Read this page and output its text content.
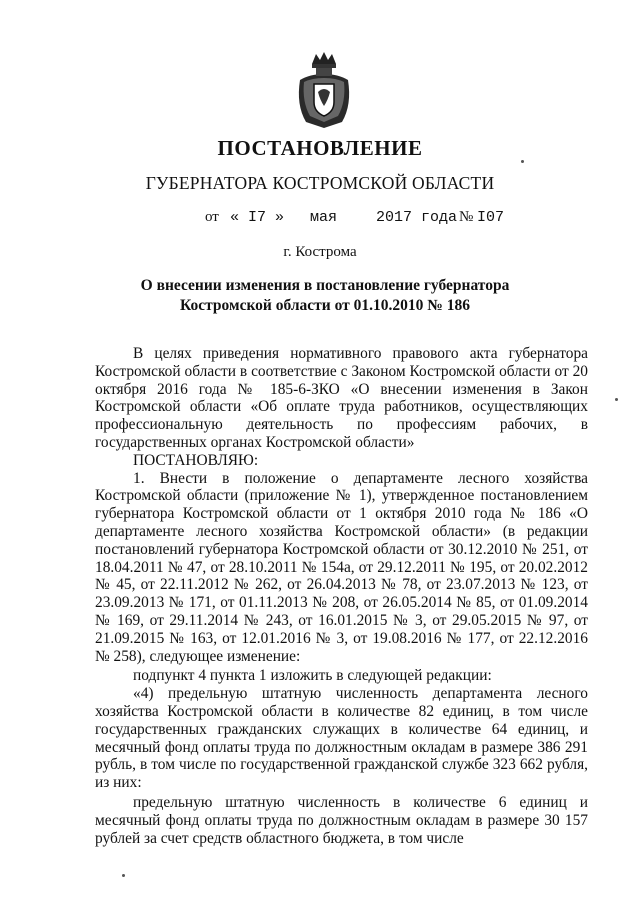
ПОСТАНОВЛЕНИЕ
ГУБЕРНАТОРА КОСТРОМСКОЙ ОБЛАСТИ
от « I7 » мая	2017 года № I07
г. Кострома
О внесении изменения в постановление губернатора
Костромской области от 01.10.2010 № 186

В целях приведения нормативного правового акта губернатора Костромской области в соответствие с Законом Костромской области от 20 октября 2016 года № 185-6-ЗКО «О внесении изменения в Закон Костромской области «Об оплате труда работников, осуществляющих профессиональную деятельность по профессиям рабочих, в государственных органах Костромской области»

ПОСТАНОВЛЯЮ:

1. Внести в положение о департаменте лесного хозяйства Костромской области (приложение № 1), утвержденное постановлением губернатора Костромской области от 1 октября 2010 года № 186 «О департаменте лесного хозяйства Костромской области» (в редакции постановлений губернатора Костромской области от 30.12.2010 № 251, от 18.04.2011 № 47, от 28.10.2011 № 154а, от 29.12.2011 № 195, от 20.02.2012 № 45, от 22.11.2012 № 262, от 26.04.2013 № 78, от 23.07.2013 № 123, от 23.09.2013 № 171, от 01.11.2013 № 208, от 26.05.2014 № 85, от 01.09.2014 № 169, от 29.11.2014 № 243, от 16.01.2015 № 3, от 29.05.2015 № 97, от 21.09.2015 № 163, от 12.01.2016 № 3, от 19.08.2016 № 177, от 22.12.2016 № 258), следующее изменение:

подпункт 4 пункта 1 изложить в следующей редакции:

«4) предельную штатную численность департамента лесного хозяйства Костромской области в количестве 82 единиц, в том числе государственных гражданских служащих в количестве 64 единиц, и месячный фонд оплаты труда по должностным окладам в размере 386 291 рубль, в том числе по государственной гражданской службе 323 662 рубля, из них:

предельную штатную численность в количестве 6 единиц и месячный фонд оплаты труда по должностным окладам в размере 30 157 рублей за счет средств областного бюджета, в том числе
